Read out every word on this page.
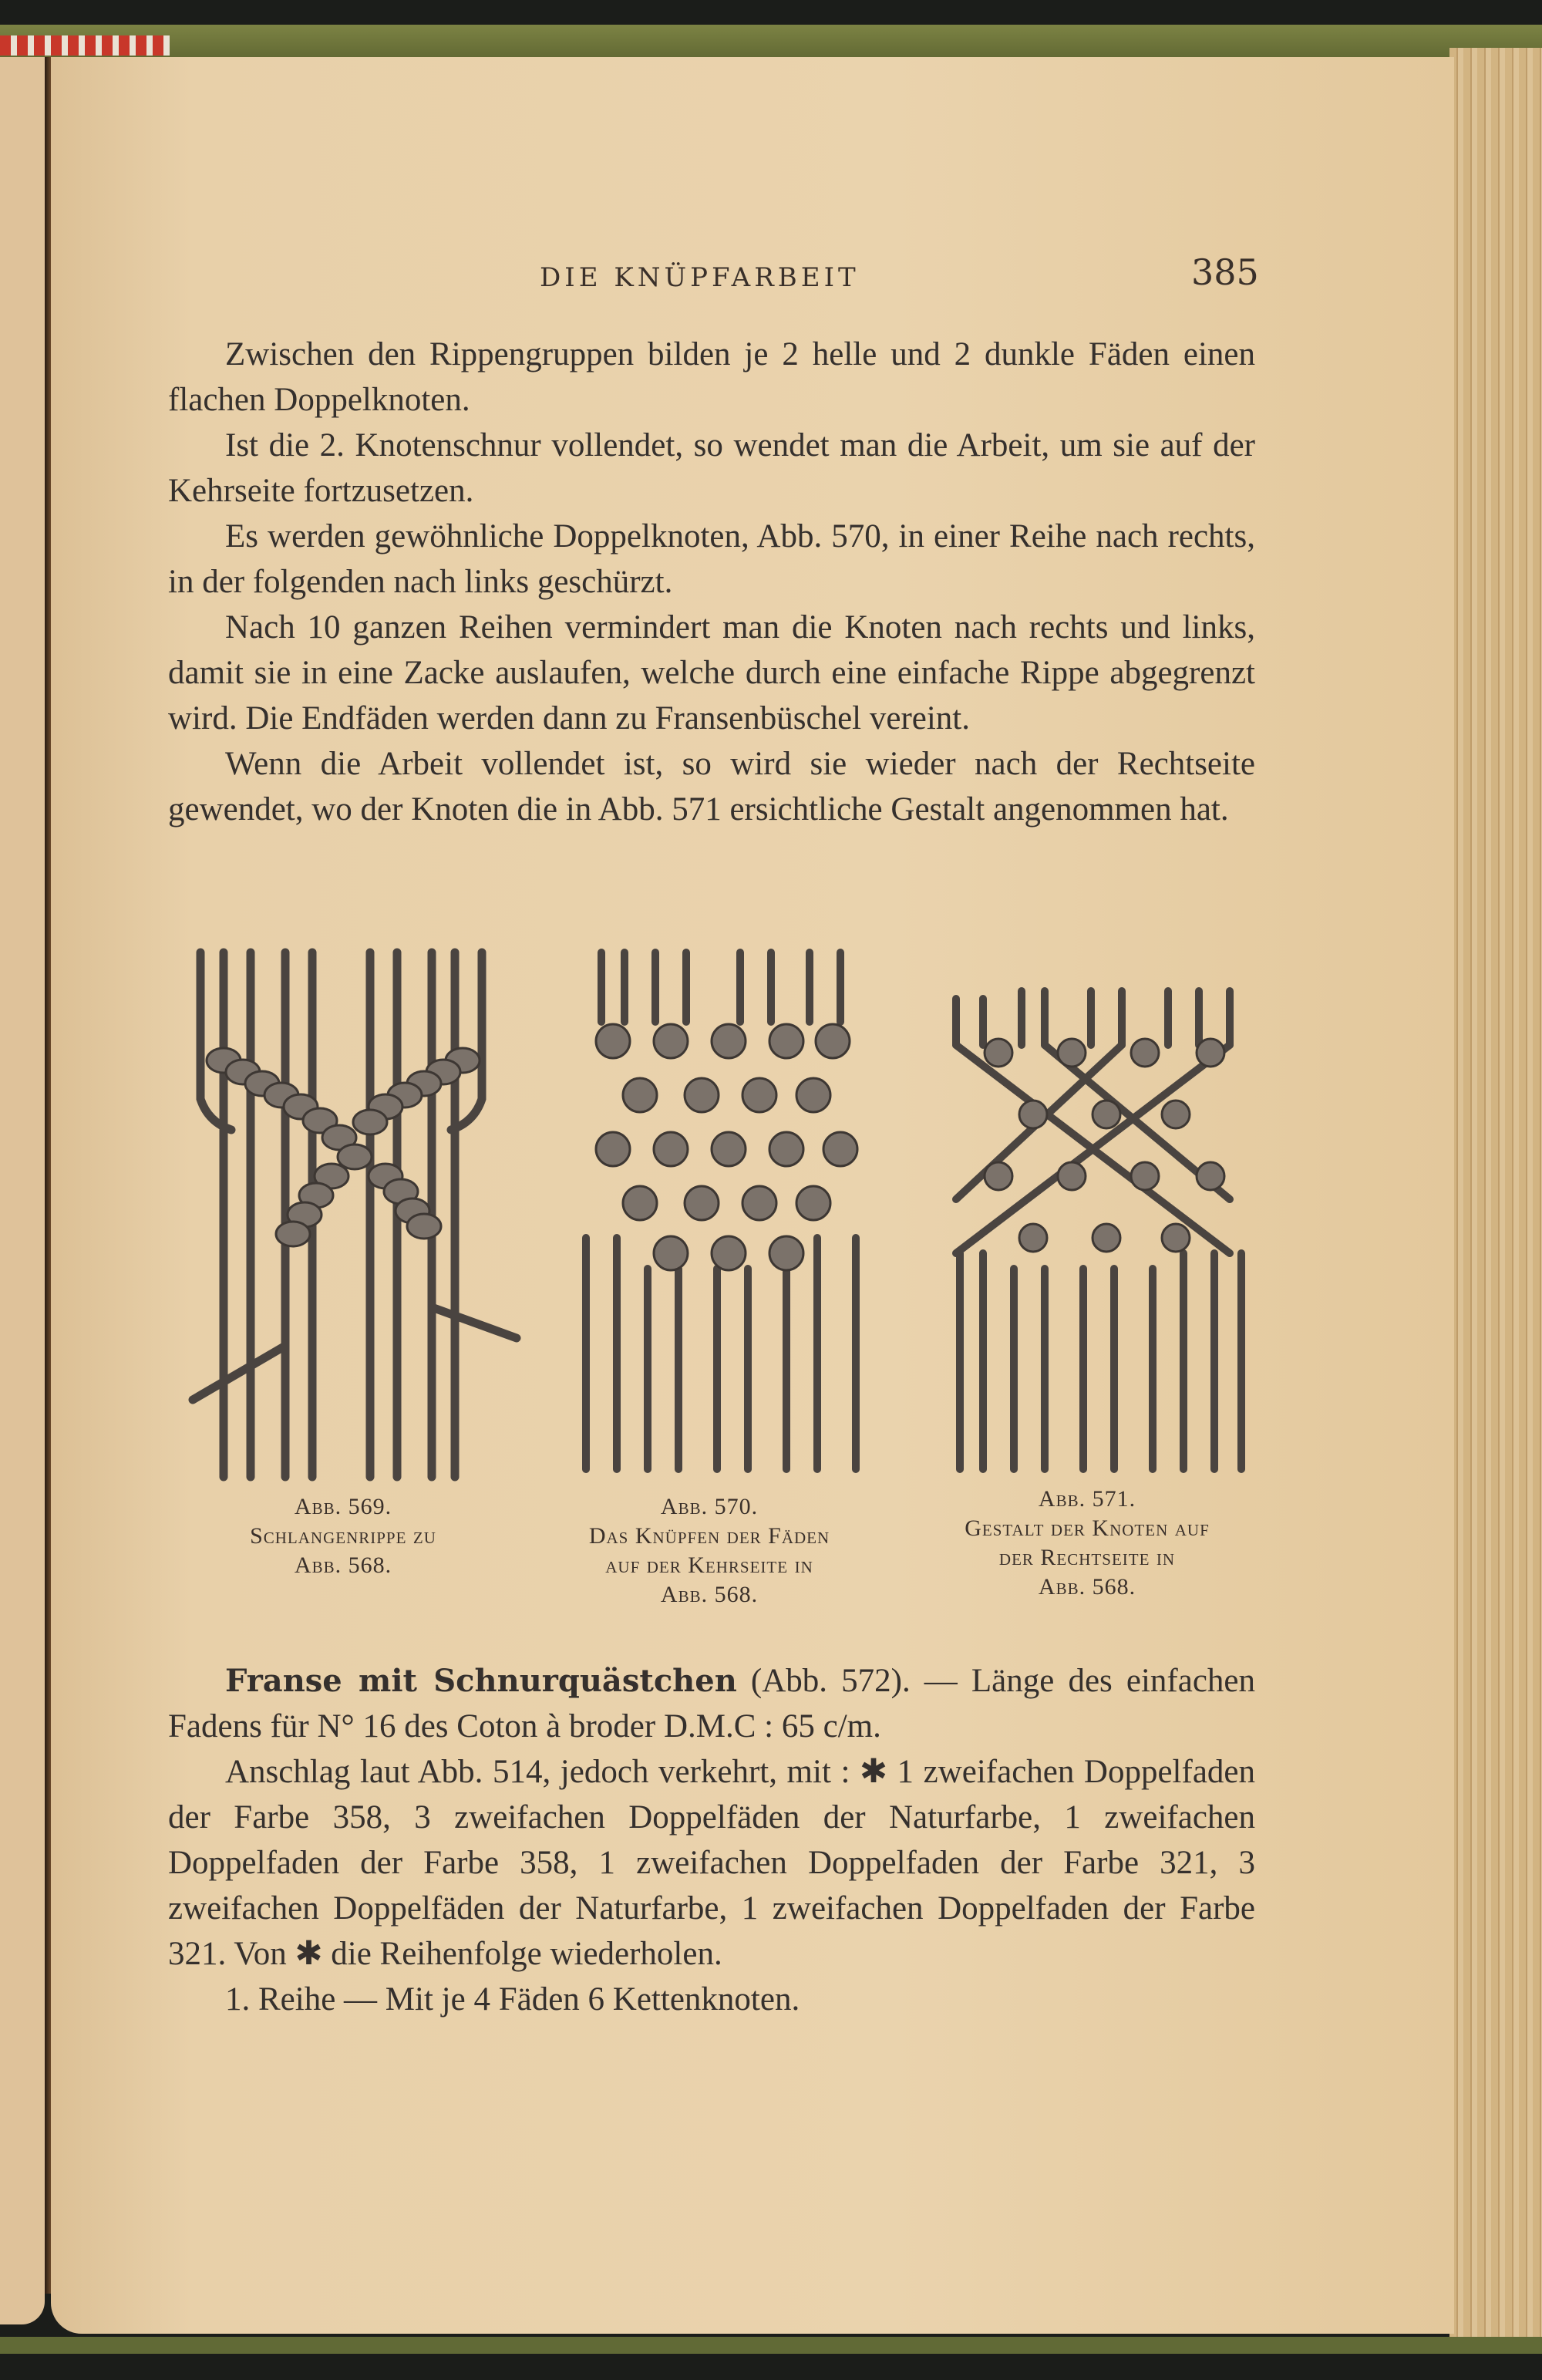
DIE KNÜPFARBEIT	385

Zwischen den Rippengruppen bilden je 2 helle und 2 dunkle Fäden einen flachen Doppelknoten.

Ist die 2. Knotenschnur vollendet, so wendet man die Arbeit, um sie auf der Kehrseite fortzusetzen.

Es werden gewöhnliche Doppelknoten, Abb. 570, in einer Reihe nach rechts, in der folgenden nach links geschürzt.

Nach 10 ganzen Reihen vermindert man die Knoten nach rechts und links, damit sie in eine Zacke auslaufen, welche durch eine einfache Rippe abgegrenzt wird. Die Endfäden werden dann zu Fransenbüschel vereint.

Wenn die Arbeit vollendet ist, so wird sie wieder nach der Rechtseite gewendet, wo der Knoten die in Abb. 571 ersichtliche Gestalt angenommen hat.

Abb. 569.
Schlangenrippe zu
Abb. 568.
Abb. 570.
Das Knüpfen der Fäden
auf der Kehrseite in
Abb. 568.
Abb. 571.
Gestalt der Knoten auf
der Rechtseite in
Abb. 568.

Franse mit Schnurquästchen (Abb. 572). — Länge des einfachen Fadens für N° 16 des Coton à broder D.M.C : 65 c/m.

Anschlag laut Abb. 514, jedoch verkehrt, mit : ✱ 1 zweifachen Doppelfaden der Farbe 358, 3 zweifachen Doppelfäden der Naturfarbe, 1 zweifachen Doppelfaden der Farbe 358, 1 zweifachen Doppelfaden der Farbe 321, 3 zweifachen Doppelfäden der Naturfarbe, 1 zweifachen Doppelfaden der Farbe 321. Von ✱ die Reihenfolge wiederholen.

1. Reihe — Mit je 4 Fäden 6 Kettenknoten.
